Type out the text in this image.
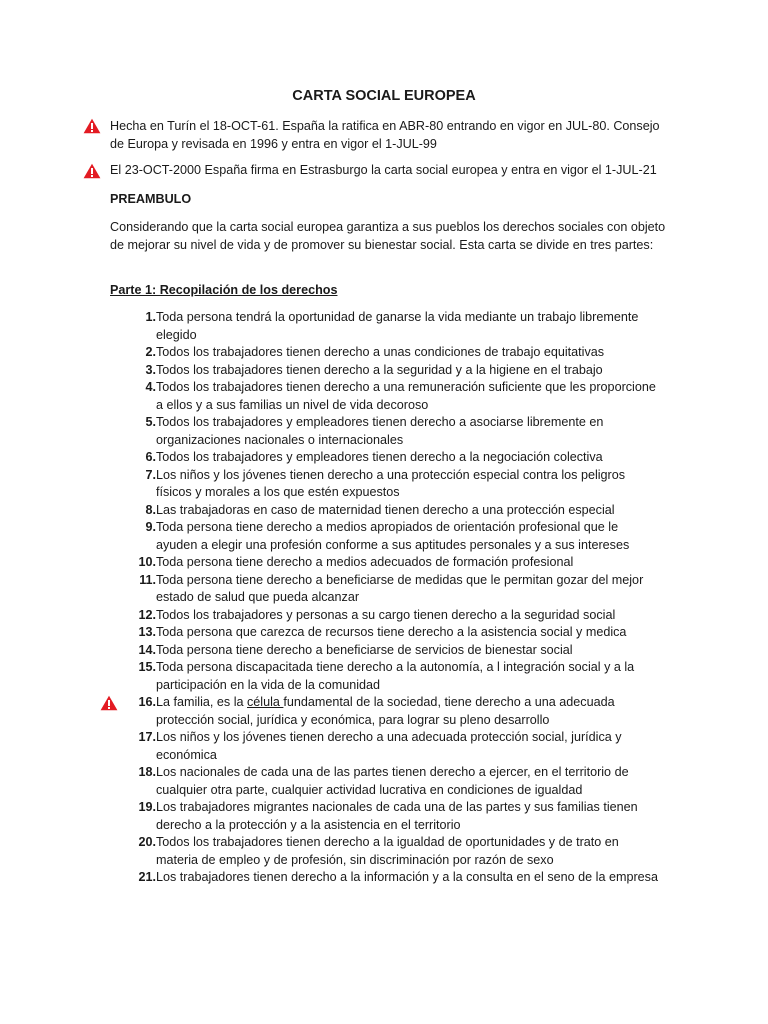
CARTA SOCIAL EUROPEA
Hecha en Turín el 18-OCT-61. España la ratifica en ABR-80 entrando en vigor en JUL-80. Consejo de Europa y revisada en 1996 y entra en vigor el 1-JUL-99
El 23-OCT-2000 España firma en Estrasburgo la carta social europea y entra en vigor el 1-JUL-21
PREAMBULO
Considerando que la carta social europea garantiza a sus pueblos los derechos sociales con objeto de mejorar su nivel de vida y de promover su bienestar social. Esta carta se divide en tres partes:
Parte 1: Recopilación de los derechos
1. Toda persona tendrá la oportunidad de ganarse la vida mediante un trabajo libremente elegido
2. Todos los trabajadores tienen derecho a unas condiciones de trabajo equitativas
3. Todos los trabajadores tienen derecho a la seguridad y a la higiene en el trabajo
4. Todos los trabajadores tienen derecho a una remuneración suficiente que les proporcione a ellos y a sus familias un nivel de vida decoroso
5. Todos los trabajadores y empleadores tienen derecho a asociarse libremente en organizaciones nacionales o internacionales
6. Todos los trabajadores y empleadores tienen derecho a la negociación colectiva
7. Los niños y los jóvenes tienen derecho a una protección especial contra los peligros físicos y morales a los que estén expuestos
8. Las trabajadoras en caso de maternidad tienen derecho a una protección especial
9. Toda persona tiene derecho a medios apropiados de orientación profesional que le ayuden a elegir una profesión conforme a sus aptitudes personales y a sus intereses
10. Toda persona tiene derecho a medios adecuados de formación profesional
11. Toda persona tiene derecho a beneficiarse de medidas que le permitan gozar del mejor estado de salud que pueda alcanzar
12. Todos los trabajadores y personas a su cargo tienen derecho a la seguridad social
13. Toda persona que carezca de recursos tiene derecho a la asistencia social y medica
14. Toda persona tiene derecho a beneficiarse de servicios de bienestar social
15. Toda persona discapacitada tiene derecho a la autonomía, a l integración social y a la participación en la vida de la comunidad
16. La familia, es la célula fundamental de la sociedad, tiene derecho a una adecuada protección social, jurídica y económica, para lograr su pleno desarrollo
17. Los niños y los jóvenes tienen derecho a una adecuada protección social, jurídica y económica
18. Los nacionales de cada una de las partes tienen derecho a ejercer, en el territorio de cualquier otra parte, cualquier actividad lucrativa en condiciones de igualdad
19. Los trabajadores migrantes nacionales de cada una de las partes y sus familias tienen derecho a la protección y a la asistencia en el territorio
20. Todos los trabajadores tienen derecho a la igualdad de oportunidades y de trato en materia de empleo y de profesión, sin discriminación por razón de sexo
21. Los trabajadores tienen derecho a la información y a la consulta en el seno de la empresa
